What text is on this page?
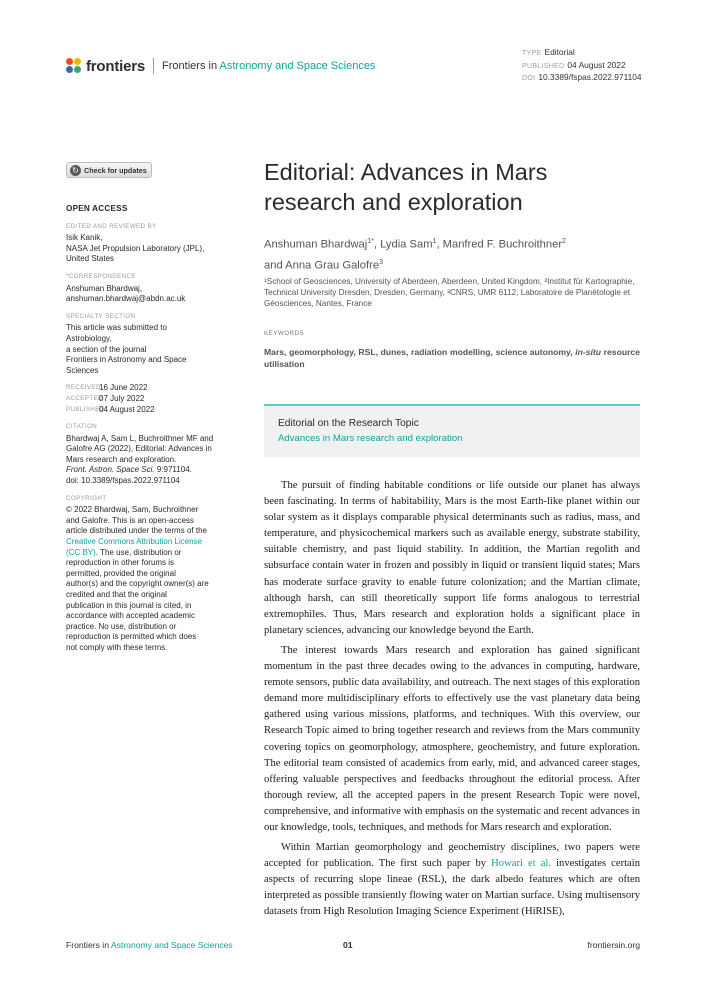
frontiers Frontiers in Astronomy and Space Sciences
TYPE Editorial
PUBLISHED 04 August 2022
DOI 10.3389/fspas.2022.971104
↻ Check for updates
OPEN ACCESS
EDITED AND REVIEWED BY
Isik Kanik,
NASA Jet Propulsion Laboratory (JPL),
United States
*CORRESPONDENCE
Anshuman Bhardwaj,
anshuman.bhardwaj@abdn.ac.uk
SPECIALTY SECTION
This article was submitted to
Astrobiology,
a section of the journal
Frontiers in Astronomy and Space
Sciences
RECEIVED
16 June 2022
ACCEPTED
07 July 2022
PUBLISHED
04 August 2022
CITATION
Bhardwaj A, Sam L, Buchroithner MF and
Galofre AG (2022), Editorial: Advances in
Mars research and exploration.
Front. Astron. Space Sci. 9:971104.
doi: 10.3389/fspas.2022.971104
COPYRIGHT
© 2022 Bhardwaj, Sam, Buchroithner
and Galofre. This is an open-access
article distributed under the terms of the
Creative Commons Attribution License
(CC BY). The use, distribution or
reproduction in other forums is
permitted, provided the original
author(s) and the copyright owner(s) are
credited and that the original
publication in this journal is cited, in
accordance with accepted academic
practice. No use, distribution or
reproduction is permitted which does
not comply with these terms.
Editorial: Advances in Mars research and exploration
Anshuman Bhardwaj$^{1*}$, Lydia Sam$^1$, Manfred F. Buchroithner$^2$
and Anna Grau Galofre$^3$
¹School of Geosciences, University of Aberdeen, Aberdeen, United Kingdom, ²Institut für Kartographie, Technical University Dresden, Dresden, Germany, ³CNRS, UMR 6112, Laboratoire de Planétologie et Géosciences, Nantes, France
KEYWORDS
Mars, geomorphology, RSL, dunes, radiation modelling, science autonomy, in-situ resource utilisation
Editorial on the Research Topic
Advances in Mars research and exploration

The pursuit of finding habitable conditions or life outside our planet has always been fascinating. In terms of habitability, Mars is the most Earth-like planet within our solar system as it displays comparable physical determinants such as radius, mass, and temperature, and physicochemical markers such as available energy, substrate stability, suitable chemistry, and past liquid stability. In addition, the Martian regolith and subsurface contain water in frozen and possibly in liquid or transient liquid states; Mars has moderate surface gravity to enable future colonization; and the Martian climate, although harsh, can still theoretically support life forms analogous to terrestrial extremophiles. Thus, Mars research and exploration holds a significant place in planetary sciences, advancing our knowledge beyond the Earth.

The interest towards Mars research and exploration has gained significant momentum in the past three decades owing to the advances in computing, hardware, remote sensors, public data availability, and outreach. The next stages of this exploration demand more multidisciplinary efforts to effectively use the vast planetary data being gathered using various missions, platforms, and techniques. With this overview, our Research Topic aimed to bring together research and reviews from the Mars community covering topics on geomorphology, atmosphere, geochemistry, and future exploration. The editorial team consisted of academics from early, mid, and advanced career stages, offering valuable perspectives and feedbacks throughout the editorial process. After thorough review, all the accepted papers in the present Research Topic were novel, comprehensive, and informative with emphasis on the systematic and recent advances in our knowledge, tools, techniques, and methods for Mars research and exploration.

Within Martian geomorphology and geochemistry disciplines, two papers were accepted for publication. The first such paper by Howari et al. investigates certain aspects of recurring slope lineae (RSL), the dark albedo features which are often interpreted as possible transiently flowing water on Martian surface. Using multisensory datasets from High Resolution Imaging Science Experiment (HiRISE),

Frontiers in Astronomy and Space Sciences	01	frontiersin.org
